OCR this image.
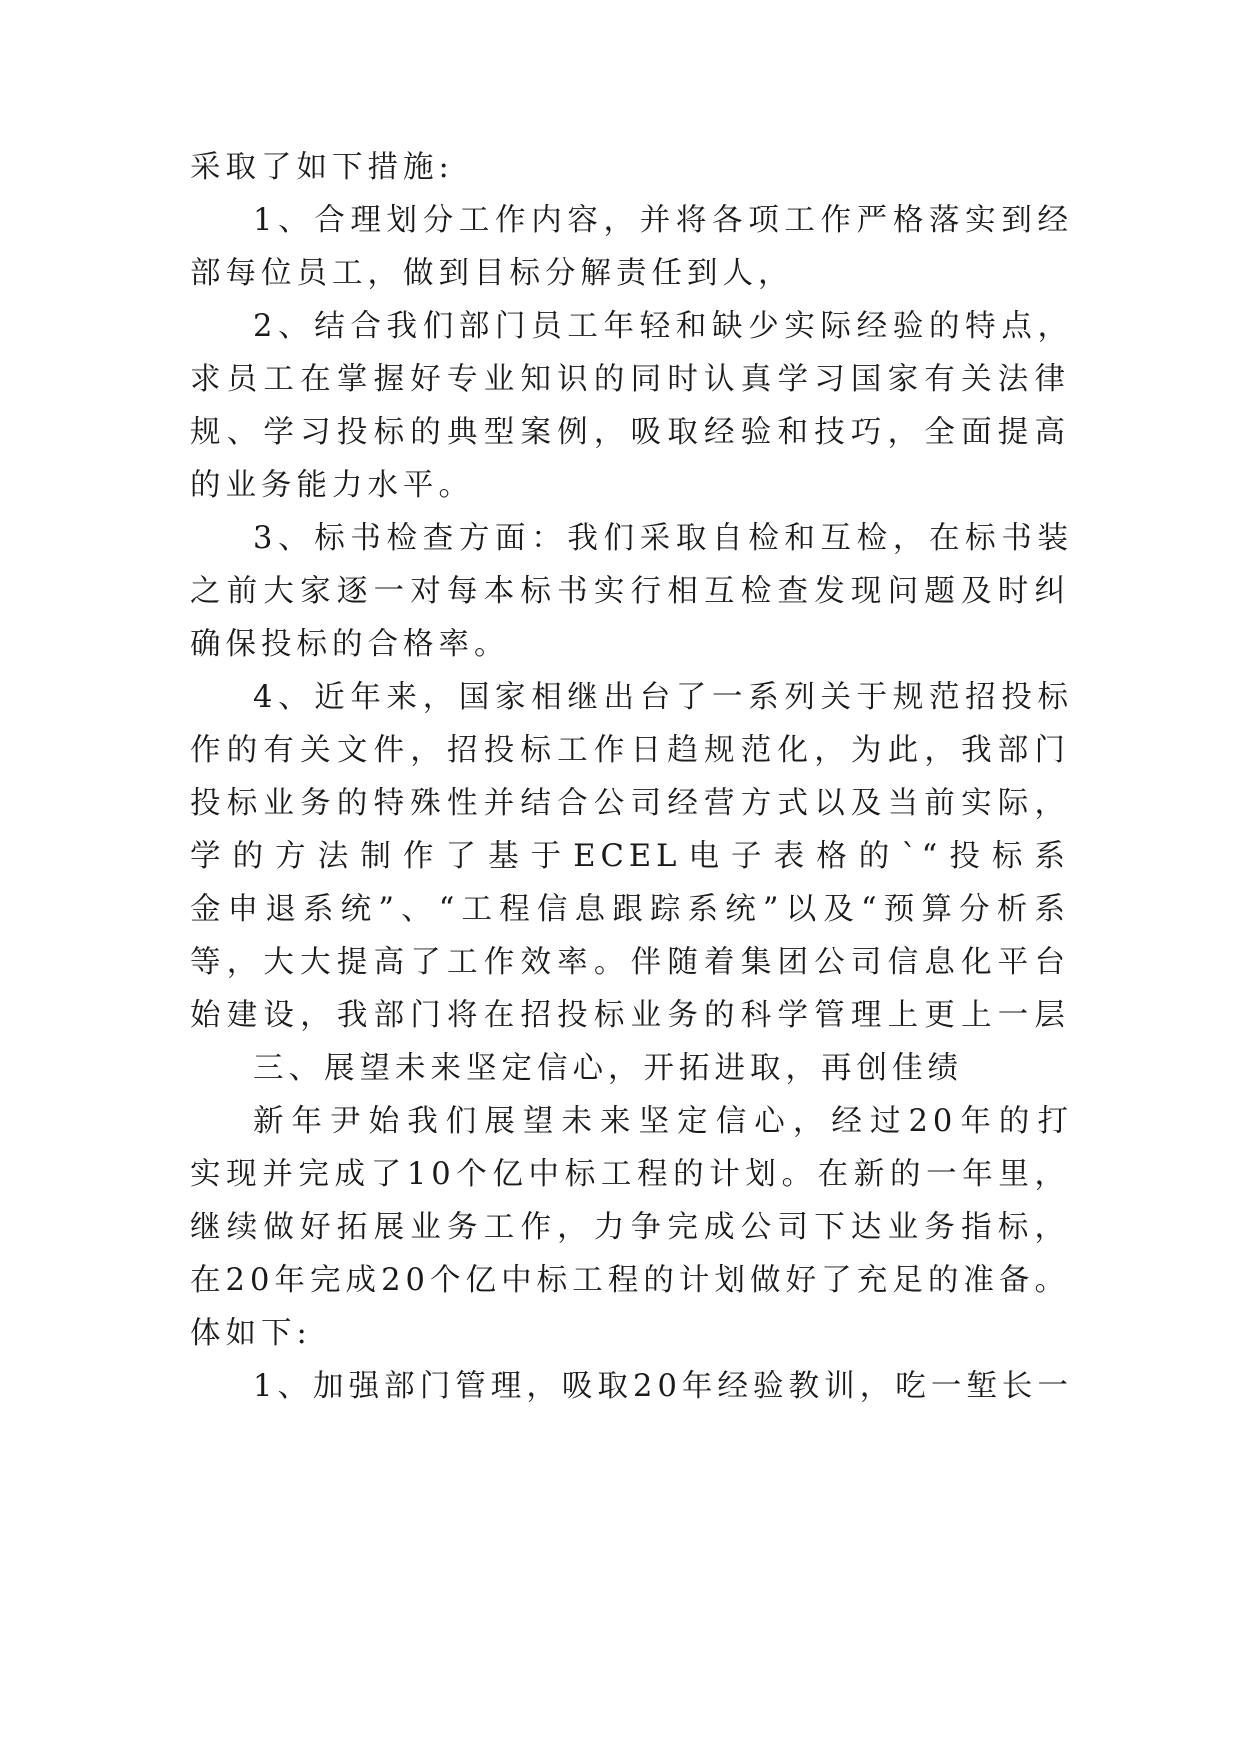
采取了如下措施:
1、合理划分工作内容，并将各项工作严格落实到经
部每位员工，做到目标分解责任到人，
2、结合我们部门员工年轻和缺少实际经验的特点，
求员工在掌握好专业知识的同时认真学习国家有关法律
规、学习投标的典型案例，吸取经验和技巧，全面提高
的业务能力水平。
3、标书检查方面：我们采取自检和互检，在标书装
之前大家逐一对每本标书实行相互检查发现问题及时纠
确保投标的合格率。
4、近年来，国家相继出台了一系列关于规范招投标
作的有关文件，招投标工作日趋规范化，为此，我部门
投标业务的特殊性并结合公司经营方式以及当前实际，
学的方法制作了基于ECEL电子表格的`“投标系
金申退系统”、“工程信息跟踪系统”以及“预算分析系
等，大大提高了工作效率。伴随着集团公司信息化平台
始建设，我部门将在招投标业务的科学管理上更上一层
三、展望未来坚定信心，开拓进取，再创佳绩
新年尹始我们展望未来坚定信心，经过20年的打
实现并完成了10个亿中标工程的计划。在新的一年里，
继续做好拓展业务工作，力争完成公司下达业务指标，
在20年完成20个亿中标工程的计划做好了充足的准备。
体如下:
1、加强部门管理，吸取20年经验教训，吃一堑长一
